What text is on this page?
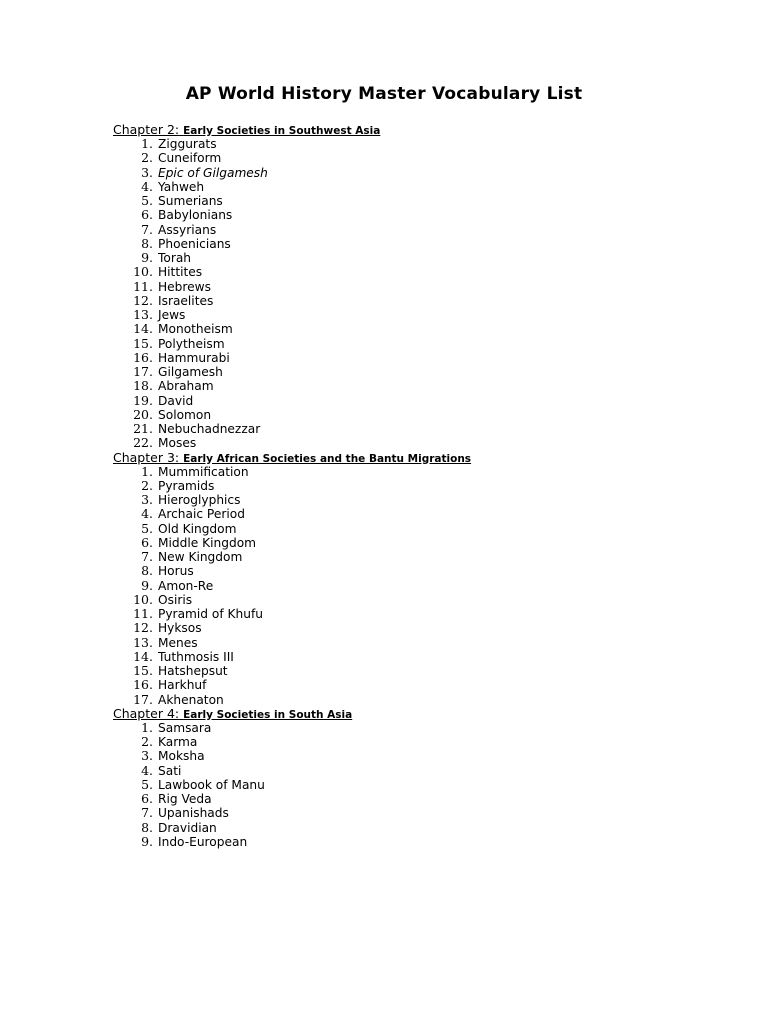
AP World History Master Vocabulary List
Chapter 2: Early Societies in Southwest Asia
1. Ziggurats
2. Cuneiform
3. Epic of Gilgamesh
4. Yahweh
5. Sumerians
6. Babylonians
7. Assyrians
8. Phoenicians
9. Torah
10. Hittites
11. Hebrews
12. Israelites
13. Jews
14. Monotheism
15. Polytheism
16. Hammurabi
17. Gilgamesh
18. Abraham
19. David
20. Solomon
21. Nebuchadnezzar
22. Moses
Chapter 3: Early African Societies and the Bantu Migrations
1. Mummification
2. Pyramids
3. Hieroglyphics
4. Archaic Period
5. Old Kingdom
6. Middle Kingdom
7. New Kingdom
8. Horus
9. Amon-Re
10. Osiris
11. Pyramid of Khufu
12. Hyksos
13. Menes
14. Tuthmosis III
15. Hatshepsut
16. Harkhuf
17. Akhenaton
Chapter 4: Early Societies in South Asia
1. Samsara
2. Karma
3. Moksha
4. Sati
5. Lawbook of Manu
6. Rig Veda
7. Upanishads
8. Dravidian
9. Indo-European
